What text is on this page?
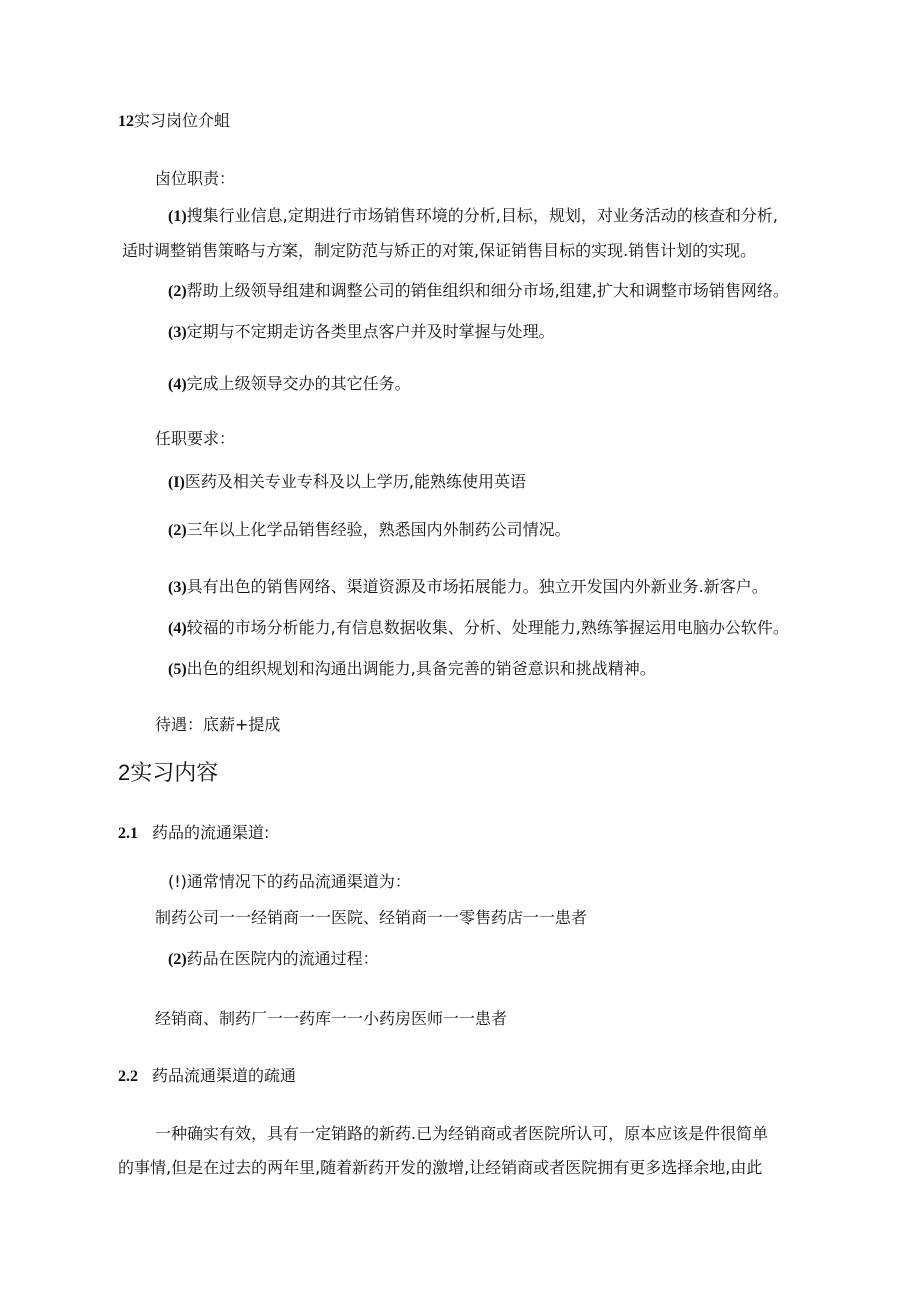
12实习岗位介蛆
卤位职责：
(1)搜集行业信息,定期进行市场销售环境的分析,目标，规划，对业务活动的核查和分析,
适时调整销售策略与方案，制定防范与矫正的对策,保证销售目标的实现.销售计划的实现。
(2)帮助上级领导组建和调整公司的销隹组织和细分市场,组建,扩大和调整市场销售网络。
(3)定期与不定期走访各类里点客户并及时掌握与处理。
(4)完成上级领导交办的其它任务。
任职要求：
(I)医药及相关专业专科及以上学历,能熟练使用英语
(2)三年以上化学品销售经验，熟悉国内外制药公司情况。
(3)具有出色的销售网络、渠道资源及市场拓展能力。独立开发国内外新业务.新客户。
(4)较福的市场分析能力,有信息数据收集、分析、处理能力,熟练筝握运用电脑办公软件。
(5)出色的组织规划和沟通出调能力,具备完善的销爸意识和挑战精神。
待遇：底薪+提成
2实习内容
2.1 药品的流通渠道:
(!)通常情况下的药品流通渠道为：
制药公司一一经销商一一医院、经销商一一零售药店一一患者
(2)药品在医院内的流通过程：
经销商、制药厂一一药库一一小药房医师一一患者
2.2 药品流通渠道的疏通
一种确实有效，具有一定销路的新药.已为经销商或者医院所认可，原本应该是件很简单
的事情,但是在过去的两年里,随着新药开发的激增,让经销商或者医院拥有更多选择余地,由此
